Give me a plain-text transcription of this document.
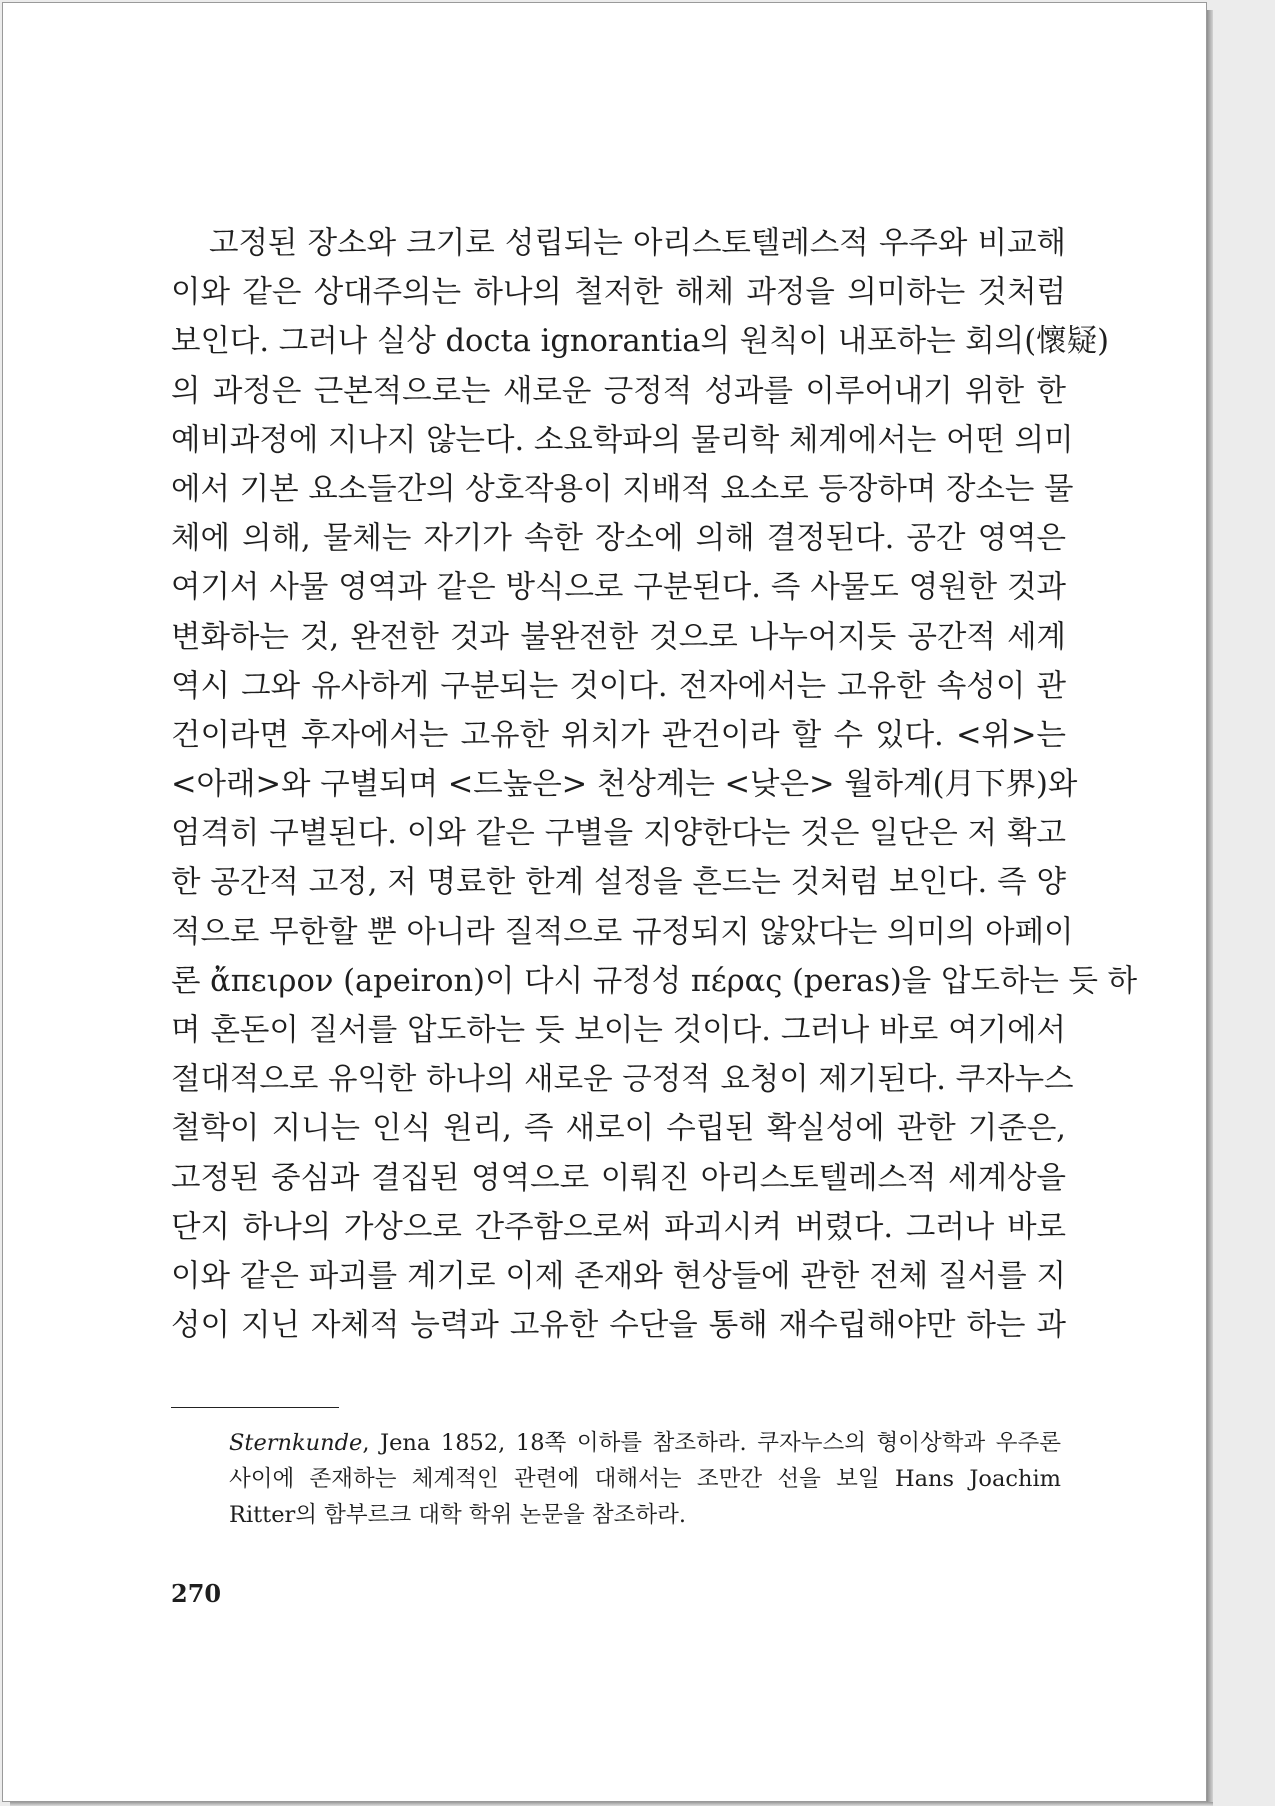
고정된 장소와 크기로 성립되는 아리스토텔레스적 우주와 비교해
이와 같은 상대주의는 하나의 철저한 해체 과정을 의미하는 것처럼
보인다. 그러나 실상 docta ignorantia의 원칙이 내포하는 회의(懷疑)
의 과정은 근본적으로는 새로운 긍정적 성과를 이루어내기 위한 한
예비과정에 지나지 않는다. 소요학파의 물리학 체계에서는 어떤 의미
에서 기본 요소들간의 상호작용이 지배적 요소로 등장하며 장소는 물
체에 의해, 물체는 자기가 속한 장소에 의해 결정된다. 공간 영역은
여기서 사물 영역과 같은 방식으로 구분된다. 즉 사물도 영원한 것과
변화하는 것, 완전한 것과 불완전한 것으로 나누어지듯 공간적 세계
역시 그와 유사하게 구분되는 것이다. 전자에서는 고유한 속성이 관
건이라면 후자에서는 고유한 위치가 관건이라 할 수 있다. <위>는
<아래>와 구별되며 <드높은> 천상계는 <낮은> 월하계(月下界)와
엄격히 구별된다. 이와 같은 구별을 지양한다는 것은 일단은 저 확고
한 공간적 고정, 저 명료한 한계 설정을 흔드는 것처럼 보인다. 즉 양
적으로 무한할 뿐 아니라 질적으로 규정되지 않았다는 의미의 아페이
론 ἄπειρον (apeiron)이 다시 규정성 πέρας (peras)을 압도하는 듯 하
며 혼돈이 질서를 압도하는 듯 보이는 것이다. 그러나 바로 여기에서
절대적으로 유익한 하나의 새로운 긍정적 요청이 제기된다. 쿠자누스
철학이 지니는 인식 원리, 즉 새로이 수립된 확실성에 관한 기준은,
고정된 중심과 결집된 영역으로 이뤄진 아리스토텔레스적 세계상을
단지 하나의 가상으로 간주함으로써 파괴시켜 버렸다. 그러나 바로
이와 같은 파괴를 계기로 이제 존재와 현상들에 관한 전체 질서를 지
성이 지닌 자체적 능력과 고유한 수단을 통해 재수립해야만 하는 과
Sternkunde, Jena 1852, 18쪽 이하를 참조하라. 쿠자누스의 형이상학과 우주론
사이에 존재하는 체계적인 관련에 대해서는 조만간 선을 보일 Hans Joachim
Ritter의 함부르크 대학 학위 논문을 참조하라.
270
